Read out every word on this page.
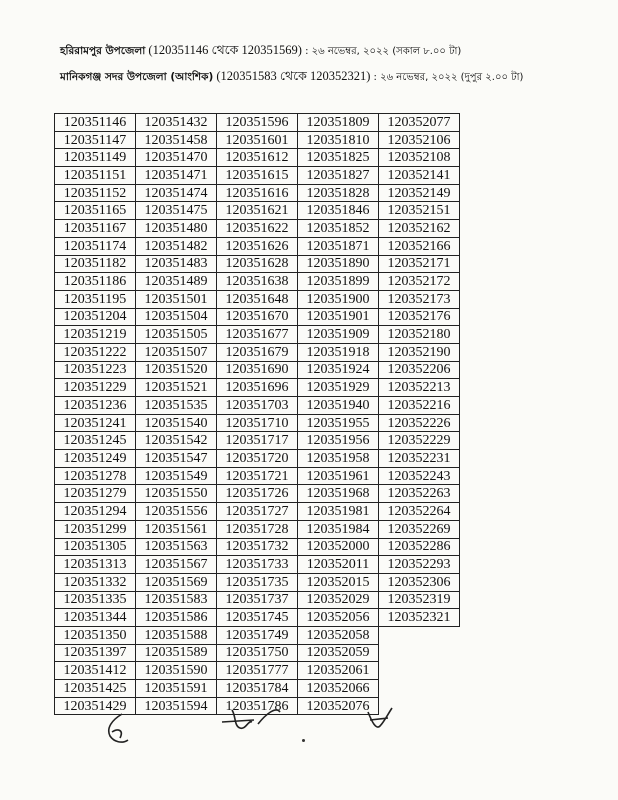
হরিরামপুর উপজেলা (120351146 থেকে 120351569) : ২৬ নভেম্বর, ২০২২ (সকাল ৮.০০ টা)
মানিকগঞ্জ সদর উপজেলা (আংশিক) (120351583 থেকে 120352321) : ২৬ নভেম্বর, ২০২২ (দুপুর ২.০০ টা)
120351146	120351432	120351596	120351809	120352077
120351147	120351458	120351601	120351810	120352106
120351149	120351470	120351612	120351825	120352108
120351151	120351471	120351615	120351827	120352141
120351152	120351474	120351616	120351828	120352149
120351165	120351475	120351621	120351846	120352151
120351167	120351480	120351622	120351852	120352162
120351174	120351482	120351626	120351871	120352166
120351182	120351483	120351628	120351890	120352171
120351186	120351489	120351638	120351899	120352172
120351195	120351501	120351648	120351900	120352173
120351204	120351504	120351670	120351901	120352176
120351219	120351505	120351677	120351909	120352180
120351222	120351507	120351679	120351918	120352190
120351223	120351520	120351690	120351924	120352206
120351229	120351521	120351696	120351929	120352213
120351236	120351535	120351703	120351940	120352216
120351241	120351540	120351710	120351955	120352226
120351245	120351542	120351717	120351956	120352229
120351249	120351547	120351720	120351958	120352231
120351278	120351549	120351721	120351961	120352243
120351279	120351550	120351726	120351968	120352263
120351294	120351556	120351727	120351981	120352264
120351299	120351561	120351728	120351984	120352269
120351305	120351563	120351732	120352000	120352286
120351313	120351567	120351733	120352011	120352293
120351332	120351569	120351735	120352015	120352306
120351335	120351583	120351737	120352029	120352319
120351344	120351586	120351745	120352056	120352321
120351350	120351588	120351749	120352058	
120351397	120351589	120351750	120352059	
120351412	120351590	120351777	120352061	
120351425	120351591	120351784	120352066	
120351429	120351594	120351786	120352076	
